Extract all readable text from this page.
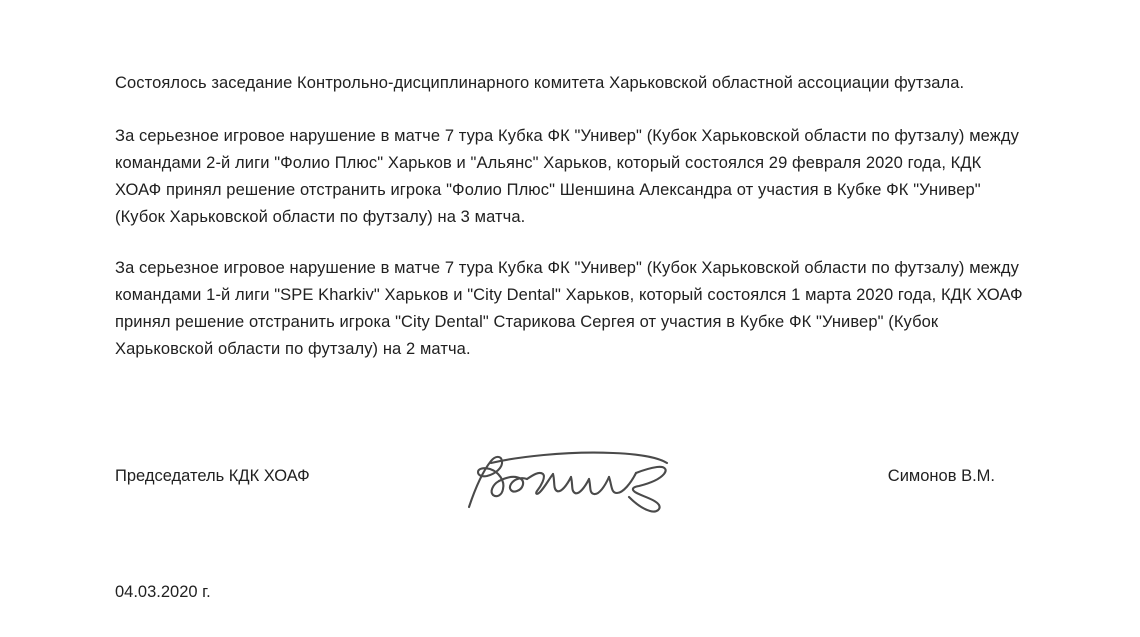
Состоялось заседание Контрольно-дисциплинарного комитета Харьковской областной ассоциации футзала.

За серьезное игровое нарушение в матче 7 тура Кубка ФК "Универ" (Кубок Харьковской области по футзалу) между командами 2-й лиги "Фолио Плюс" Харьков и "Альянс" Харьков, который состоялся 29 февраля 2020 года, КДК ХОАФ принял решение отстранить игрока "Фолио Плюс" Шеншина Александра от участия в Кубке ФК "Универ" (Кубок Харьковской области по футзалу) на 3 матча.

За серьезное игровое нарушение в матче 7 тура Кубка ФК "Универ" (Кубок Харьковской области по футзалу) между командами 1-й лиги "SPE Kharkiv" Харьков и "City Dental" Харьков, который состоялся 1 марта 2020 года, КДК ХОАФ принял решение отстранить игрока "City Dental" Старикова Сергея от участия в Кубке ФК "Универ" (Кубок Харьковской области по футзалу) на 2 матча.

Председатель КДК ХОАФ	Симонов В.М.
04.03.2020 г.
